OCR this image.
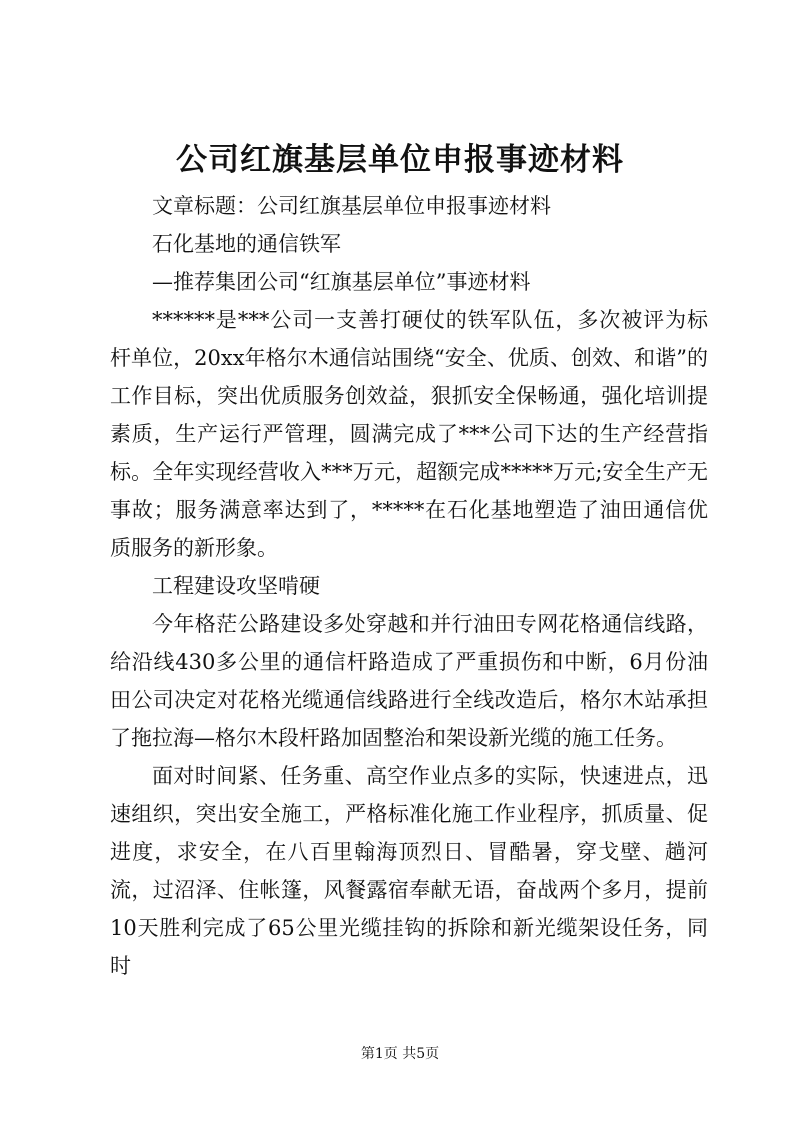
公司红旗基层单位申报事迹材料

文章标题：公司红旗基层单位申报事迹材料

石化基地的通信铁军

—推荐集团公司“红旗基层单位”事迹材料

******是***公司一支善打硬仗的铁军队伍，多次被评为标杆单位，20xx年格尔木通信站围绕“安全、优质、创效、和谐”的工作目标，突出优质服务创效益，狠抓安全保畅通，强化培训提素质，生产运行严管理，圆满完成了***公司下达的生产经营指标。全年实现经营收入***万元，超额完成*****万元;安全生产无事故；服务满意率达到了，*****在石化基地塑造了油田通信优质服务的新形象。

工程建设攻坚啃硬

今年格茫公路建设多处穿越和并行油田专网花格通信线路，给沿线430多公里的通信杆路造成了严重损伤和中断，6月份油田公司决定对花格光缆通信线路进行全线改造后，格尔木站承担了拖拉海—格尔木段杆路加固整治和架设新光缆的施工任务。

面对时间紧、任务重、高空作业点多的实际，快速进点，迅速组织，突出安全施工，严格标准化施工作业程序，抓质量、促进度，求安全，在八百里翰海顶烈日、冒酷暑，穿戈壁、趟河流，过沼泽、住帐篷，风餐露宿奉献无语，奋战两个多月，提前10天胜利完成了65公里光缆挂钩的拆除和新光缆架设任务，同时

第1页 共5页
